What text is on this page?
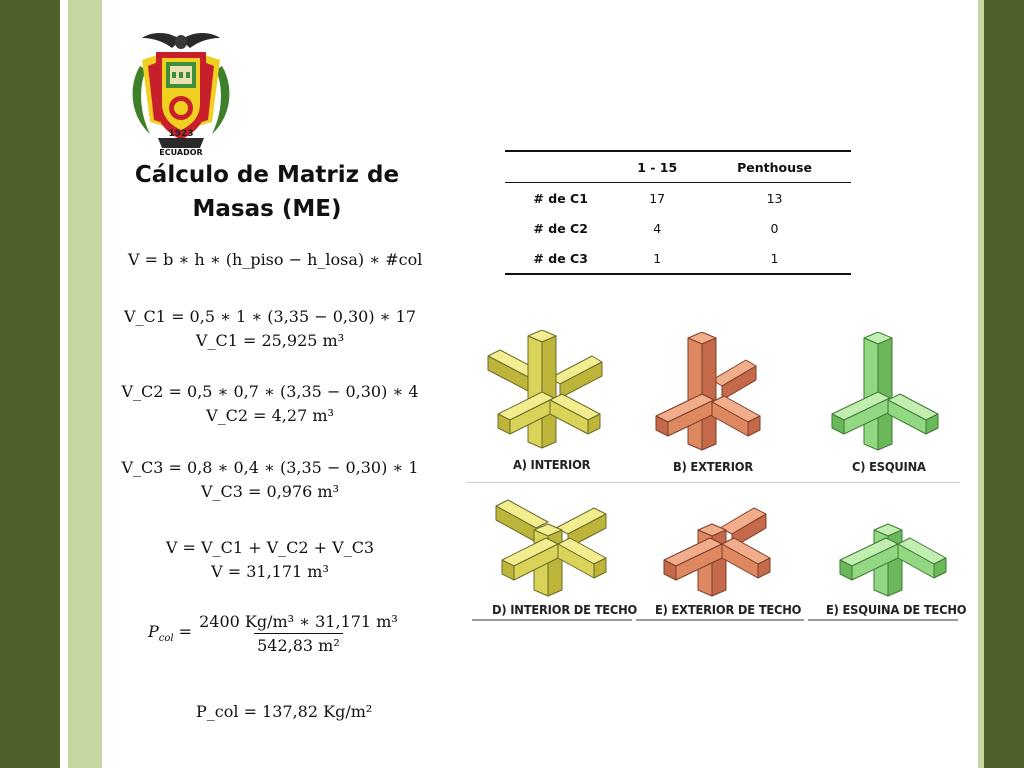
1923
ECUADOR
Cálculo de Matriz de
Masas (ME)
V = b ∗ h ∗ (h_piso − h_losa) ∗ #col
V_C1 = 0,5 ∗ 1 ∗ (3,35 − 0,30) ∗ 17
V_C1 = 25,925 m³
V_C2 = 0,5 ∗ 0,7 ∗ (3,35 − 0,30) ∗ 4
V_C2 = 4,27 m³
V_C3 = 0,8 ∗ 0,4 ∗ (3,35 − 0,30) ∗ 1
V_C3 = 0,976 m³
V = V_C1 + V_C2 + V_C3
V = 31,171 m³
$P_{col} = \frac{\text{2400 Kg/m³ ∗ 31,171 m³}}{\text{542,83 m²}}$
P_col = 137,82 Kg/m²
	1 - 15	Penthouse
# de C1	17	13
# de C2	4	0
# de C3	1	1
A) INTERIOR	B) EXTERIOR	C) ESQUINA
D) INTERIOR DE TECHO E) EXTERIOR DE TECHO E) ESQUINA DE TECHO
